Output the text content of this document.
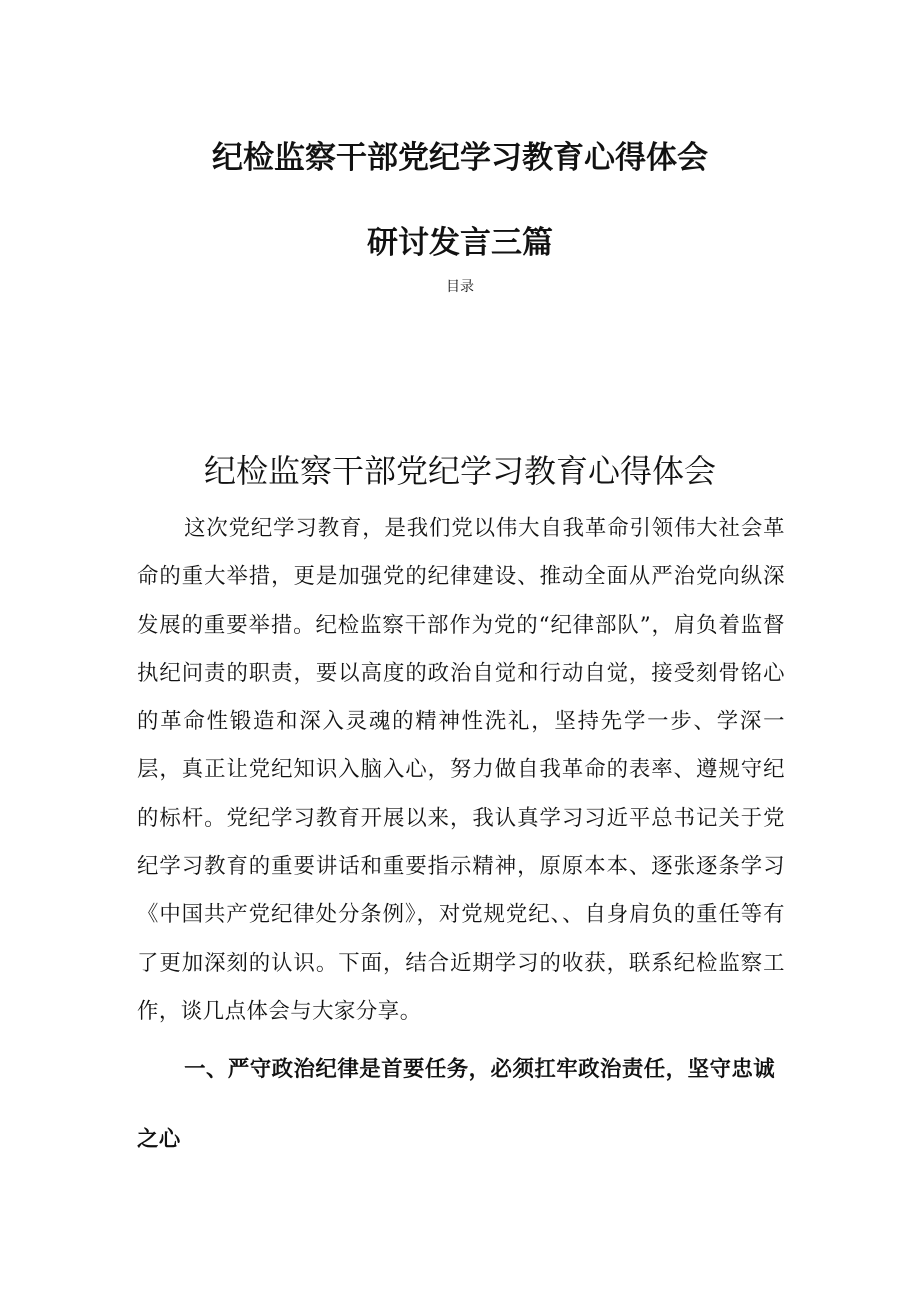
纪检监察干部党纪学习教育心得体会
研讨发言三篇

目录

纪检监察干部党纪学习教育心得体会

这次党纪学习教育，是我们党以伟大自我革命引领伟大社会革命的重大举措，更是加强党的纪律建设、推动全面从严治党向纵深发展的重要举措。纪检监察干部作为党的“纪律部队”，肩负着监督执纪问责的职责，要以高度的政治自觉和行动自觉，接受刻骨铭心的革命性锻造和深入灵魂的精神性洗礼，坚持先学一步、学深一层，真正让党纪知识入脑入心，努力做自我革命的表率、遵规守纪的标杆。党纪学习教育开展以来，我认真学习习近平总书记关于党纪学习教育的重要讲话和重要指示精神，原原本本、逐张逐条学习《中国共产党纪律处分条例》，对党规党纪、、自身肩负的重任等有了更加深刻的认识。下面，结合近期学习的收获，联系纪检监察工作，谈几点体会与大家分享。

一、严守政治纪律是首要任务，必须扛牢政治责任，坚守忠诚之心
